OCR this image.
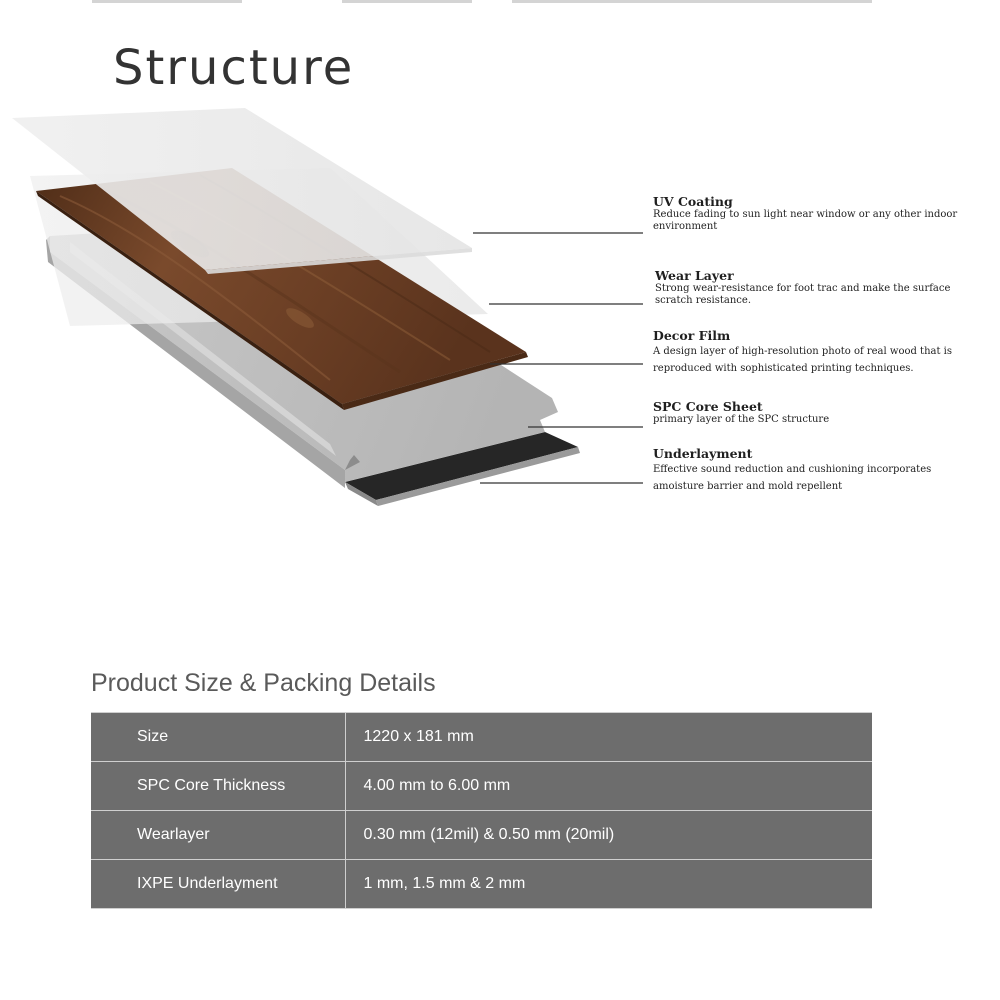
Structure
UV Coating
Reduce fading to sun light near window or any other indoor
environment
Wear Layer
Strong wear-resistance for foot trac and make the surface
scratch resistance.
Decor Film
A design layer of high-resolution photo of real wood that is
reproduced with sophisticated printing techniques.
SPC Core Sheet
primary layer of the SPC structure
Underlayment
Effective sound reduction and cushioning incorporates
amoisture barrier and mold repellent
Product Size & Packing Details
Size	1220 x 181 mm
SPC Core Thickness	4.00 mm to 6.00 mm
Wearlayer	0.30 mm (12mil) & 0.50 mm (20mil)
IXPE Underlayment	1 mm, 1.5 mm & 2 mm
